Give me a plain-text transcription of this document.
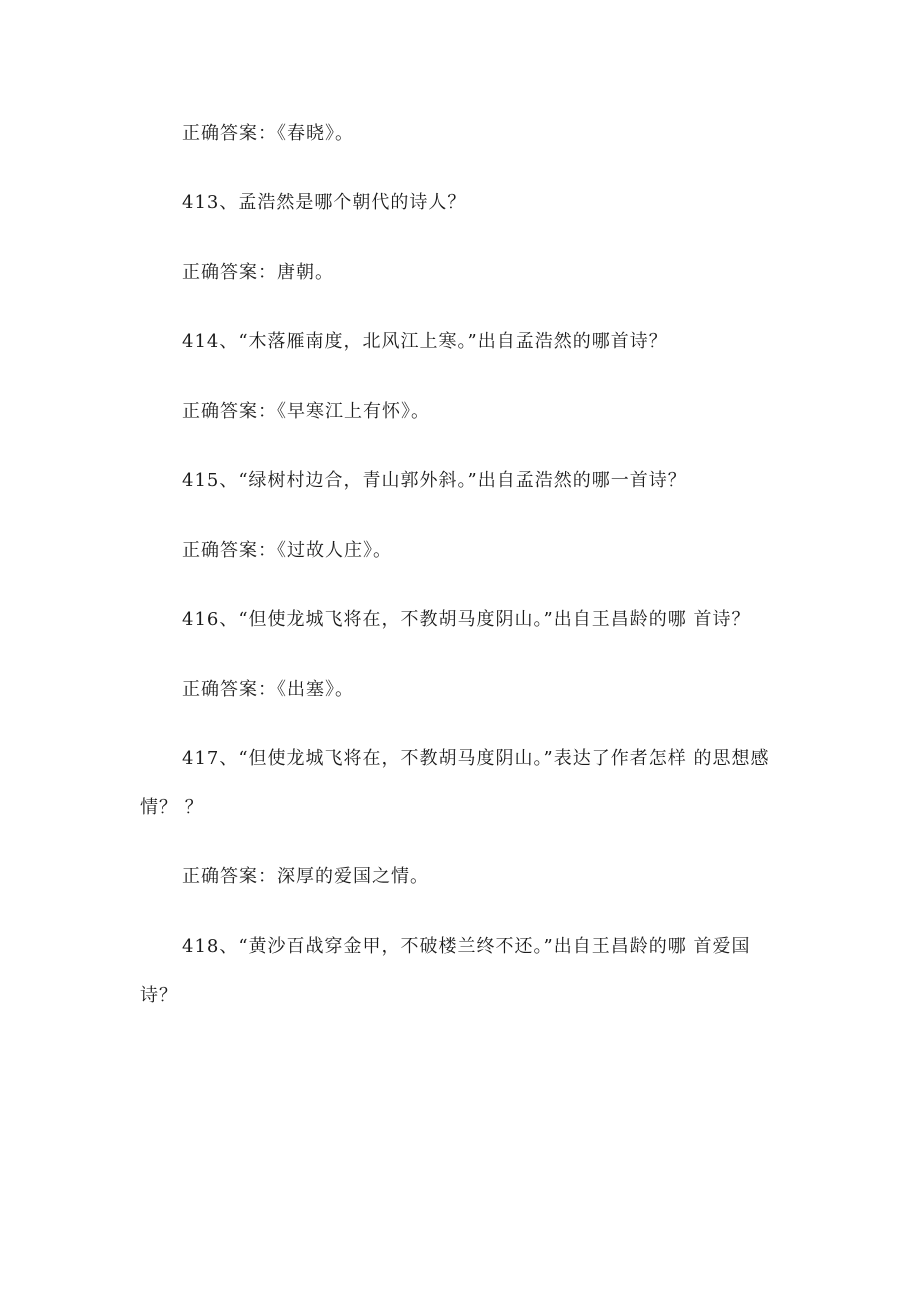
正确答案：《春晓》。
413、孟浩然是哪个朝代的诗人？
正确答案：唐朝。
414、“木落雁南度，北风江上寒。”出自孟浩然的哪首诗？
正确答案：《早寒江上有怀》。
415、“绿树村边合，青山郭外斜。”出自孟浩然的哪一首诗？
正确答案：《过故人庄》。
416、“但使龙城飞将在，不教胡马度阴山。”出自王昌龄的哪 首诗？
正确答案：《出塞》。
417、“但使龙城飞将在，不教胡马度阴山。”表达了作者怎样 的思想感
情？ ？
正确答案：深厚的爱国之情。
418、“黄沙百战穿金甲，不破楼兰终不还。”出自王昌龄的哪 首爱国
诗？
